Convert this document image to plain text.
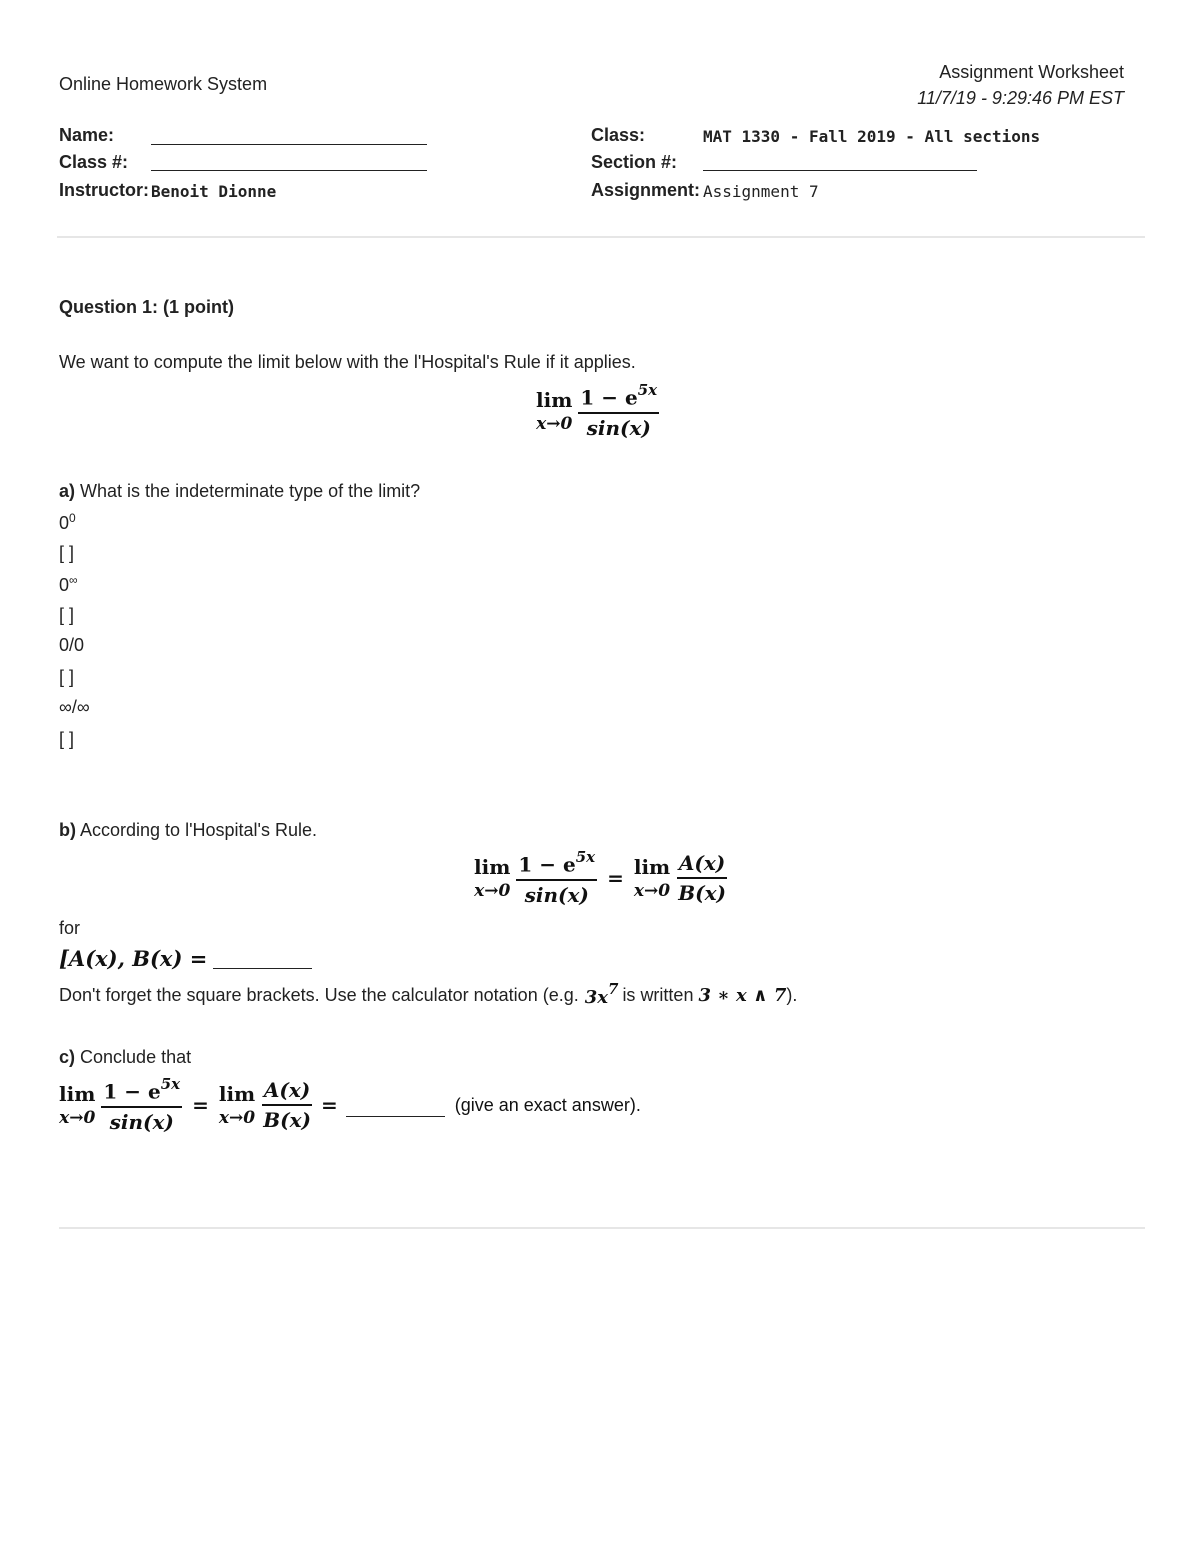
Online Homework System
Assignment Worksheet
11/7/19 - 9:29:46 PM EST
Name:
Class #:
Instructor: Benoit Dionne
Class:	MAT 1330 - Fall 2019 - All sections
Section #:
Assignment: Assignment 7
Question 1: (1 point)
We want to compute the limit below with the l'Hospital's Rule if it applies.
lim
$x\to 0 \frac{1 - e^{5x}}{\sin(x)}$
a) What is the indeterminate type of the limit?
$0^0$
[ ]
0∞
[ ]
0/0
[ ]
∞/∞
[ ]
b) According to l'Hospital's Rule.
lim
$x\to 0 \frac{1 - e^{5x}}{\sin(x)} = \lim$
$x\to 0 \frac{A(x)}{B(x)}$
for
[A(x), B(x) =
Don't forget the square brackets. Use the calculator notation (e.g. $3x^7$ is written 3 ∗ x ∧ 7 ).
c) Conclude that
lim
$x\to 0 \frac{1 - e^{5x}}{\sin(x)} = \lim$
$x\to 0 \frac{A(x)}{B(x)}$ =	(give an exact answer).
